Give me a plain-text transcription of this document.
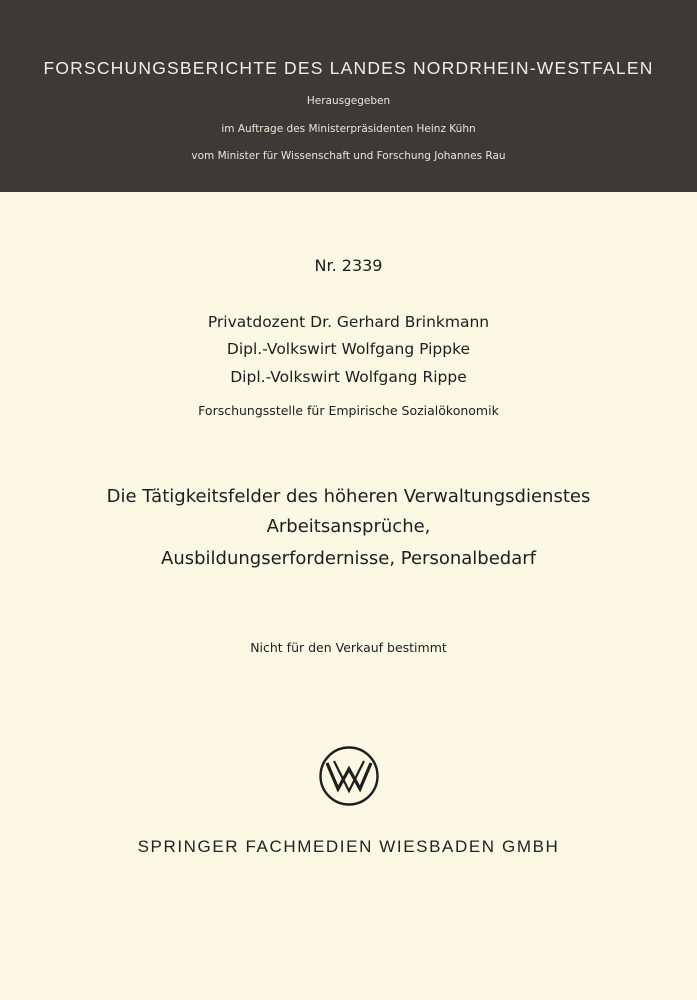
FORSCHUNGSBERICHTE DES LANDES NORDRHEIN-WESTFALEN
Herausgegeben
im Auftrage des Ministerpräsidenten Heinz Kühn
vom Minister für Wissenschaft und Forschung Johannes Rau
Nr. 2339
Privatdozent Dr. Gerhard Brinkmann
Dipl.-Volkswirt Wolfgang Pippke
Dipl.-Volkswirt Wolfgang Rippe
Forschungsstelle für Empirische Sozialökonomik
Die Tätigkeitsfelder des höheren Verwaltungsdienstes
Arbeitsansprüche,
Ausbildungserfordernisse, Personalbedarf
Nicht für den Verkauf bestimmt
SPRINGER FACHMEDIEN WIESBADEN GMBH
